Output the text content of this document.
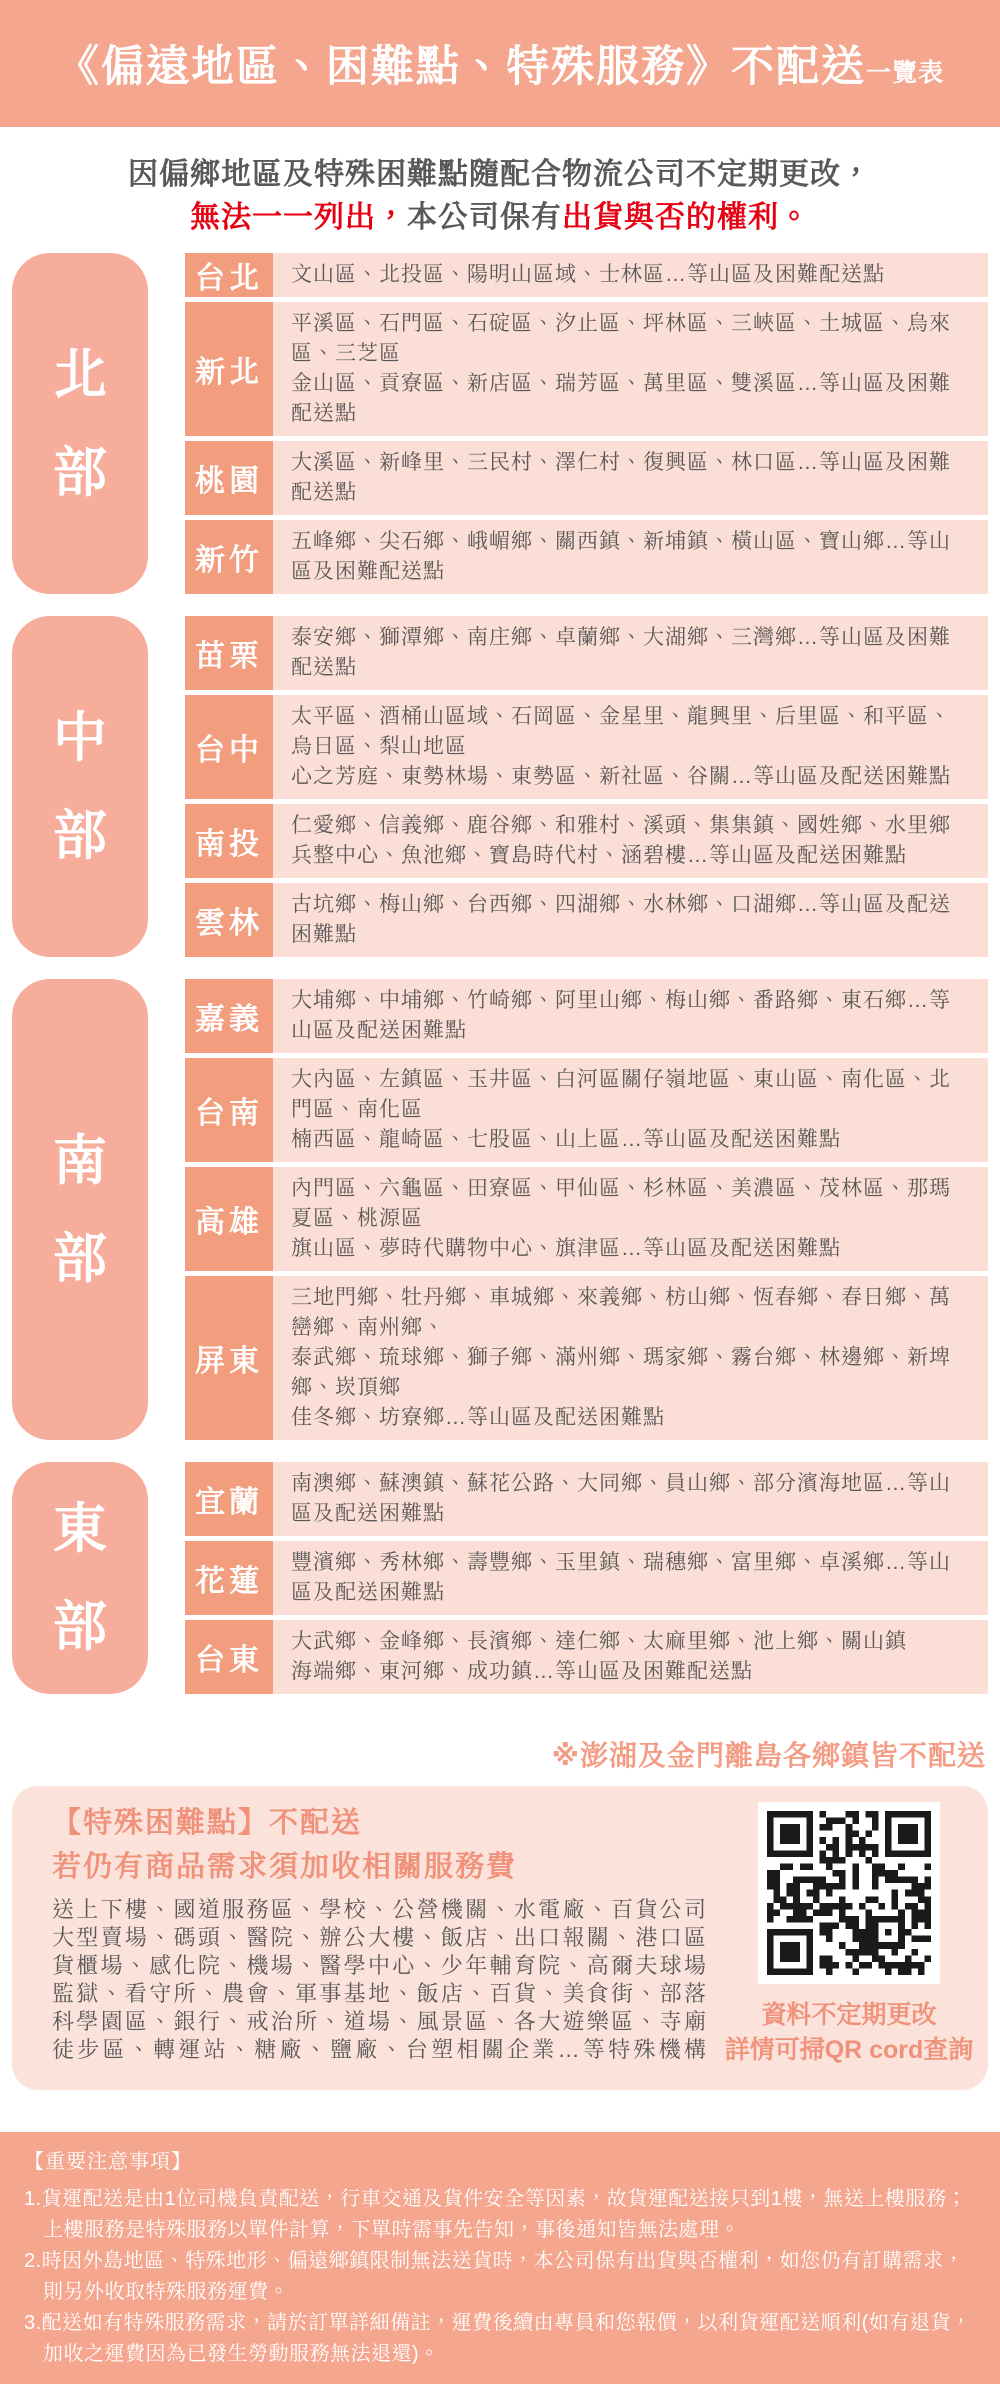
《偏遠地區、困難點、特殊服務》不配送一覽表

因偏鄉地區及特殊困難點隨配合物流公司不定期更改，

無法一一列出，本公司保有出貨與否的權利。

北
部
台北	文山區、北投區、陽明山區域、士林區…等山區及困難配送點
新北
平溪區、石門區、石碇區、汐止區、坪林區、三峽區、土城區、烏來區、三芝區
金山區、貢寮區、新店區、瑞芳區、萬里區、雙溪區…等山區及困難配送點
桃園
大溪區、新峰里、三民村、澤仁村、復興區、林口區…等山區及困難配送點
新竹
五峰鄉、尖石鄉、峨嵋鄉、關西鎮、新埔鎮、橫山區、寶山鄉…等山區及困難配送點
中
部
苗栗
泰安鄉、獅潭鄉、南庄鄉、卓蘭鄉、大湖鄉、三灣鄉…等山區及困難配送點
台中
太平區、酒桶山區域、石岡區、金星里、龍興里、后里區、和平區、烏日區、梨山地區
心之芳庭、東勢林場、東勢區、新社區、谷關…等山區及配送困難點
南投
仁愛鄉、信義鄉、鹿谷鄉、和雅村、溪頭、集集鎮、國姓鄉、水里鄉
兵整中心、魚池鄉、寶島時代村、涵碧樓…等山區及配送困難點
雲林
古坑鄉、梅山鄉、台西鄉、四湖鄉、水林鄉、口湖鄉…等山區及配送困難點
南
部
嘉義
大埔鄉、中埔鄉、竹崎鄉、阿里山鄉、梅山鄉、番路鄉、東石鄉…等山區及配送困難點
台南
大內區、左鎮區、玉井區、白河區關仔嶺地區、東山區、南化區、北門區、南化區
楠西區、龍崎區、七股區、山上區…等山區及配送困難點
高雄
內門區、六龜區、田寮區、甲仙區、杉林區、美濃區、茂林區、那瑪夏區、桃源區
旗山區、夢時代購物中心、旗津區…等山區及配送困難點
屏東
三地門鄉、牡丹鄉、車城鄉、來義鄉、枋山鄉、恆春鄉、春日鄉、萬巒鄉、南州鄉、
泰武鄉、琉球鄉、獅子鄉、滿州鄉、瑪家鄉、霧台鄉、林邊鄉、新埤鄉、崁頂鄉
佳冬鄉、坊寮鄉…等山區及配送困難點
東
部
宜蘭
南澳鄉、蘇澳鎮、蘇花公路、大同鄉、員山鄉、部分濱海地區…等山區及配送困難點
花蓮
豐濱鄉、秀林鄉、壽豐鄉、玉里鎮、瑞穗鄉、富里鄉、卓溪鄉…等山區及配送困難點
台東
大武鄉、金峰鄉、長濱鄉、達仁鄉、太麻里鄉、池上鄉、關山鎮
海端鄉、東河鄉、成功鎮…等山區及困難配送點
※澎湖及金門離島各鄉鎮皆不配送
【特殊困難點】不配送
若仍有商品需求須加收相關服務費
送上下樓、國道服務區、學校、公營機關、水電廠、百貨公司
大型賣場、碼頭、醫院、辦公大樓、飯店、出口報關、港口區
貨櫃場、感化院、機場、醫學中心、少年輔育院、高爾夫球場
監獄、看守所、農會、軍事基地、飯店、百貨、美食街、部落
科學園區、銀行、戒治所、道場、風景區、各大遊樂區、寺廟
徒步區、轉運站、糖廠、鹽廠、台塑相關企業…等特殊機構
資料不定期更改
詳情可掃QR cord查詢
【重要注意事項】
1.貨運配送是由1位司機負責配送，行車交通及貨件安全等因素，故貨運配送接只到1樓，無送上樓服務；上樓服務是特殊服務以單件計算，下單時需事先告知，事後通知皆無法處理。
2.時因外島地區、特殊地形、偏遠鄉鎮限制無法送貨時，本公司保有出貨與否權利，如您仍有訂購需求，則另外收取特殊服務運費。
3.配送如有特殊服務需求，請於訂單詳細備註，運費後續由專員和您報價，以利貨運配送順利(如有退貨，加收之運費因為已發生勞動服務無法退還)。
